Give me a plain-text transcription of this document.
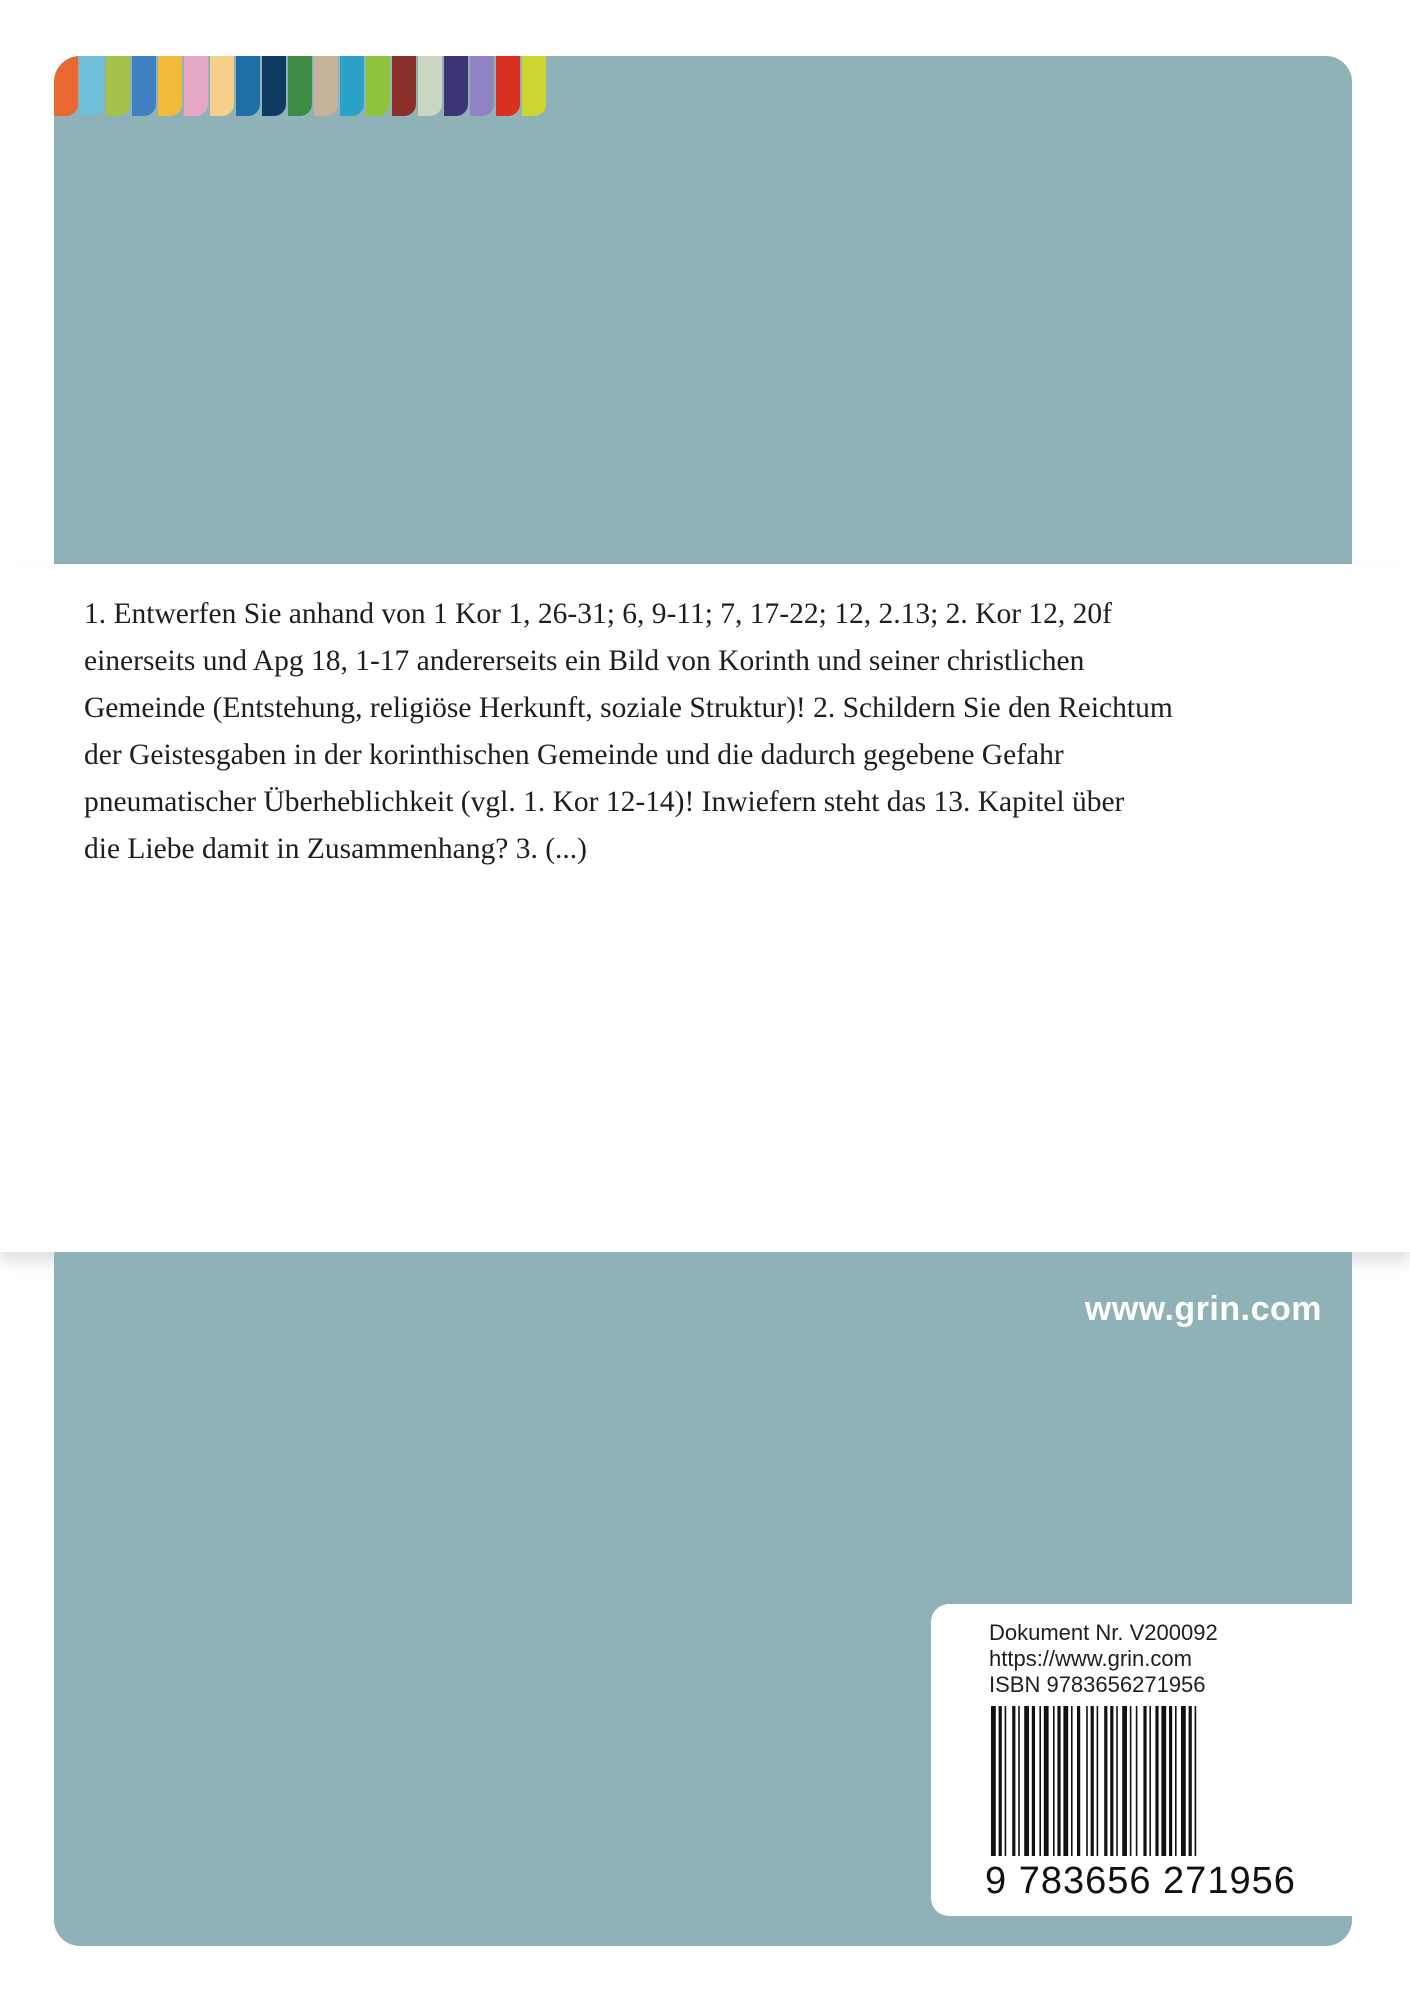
1. Entwerfen Sie anhand von 1 Kor 1, 26-31; 6, 9-11; 7, 17-22; 12, 2.13; 2. Kor 12, 20f
einerseits und Apg 18, 1-17 andererseits ein Bild von Korinth und seiner christlichen
Gemeinde (Entstehung, religiöse Herkunft, soziale Struktur)! 2. Schildern Sie den Reichtum
der Geistesgaben in der korinthischen Gemeinde und die dadurch gegebene Gefahr
pneumatischer Überheblichkeit (vgl. 1. Kor 12-14)! Inwiefern steht das 13. Kapitel über
die Liebe damit in Zusammenhang? 3. (...)

www.grin.com
Dokument Nr. V200092
https://www.grin.com
ISBN 9783656271956
9 783656 271956
